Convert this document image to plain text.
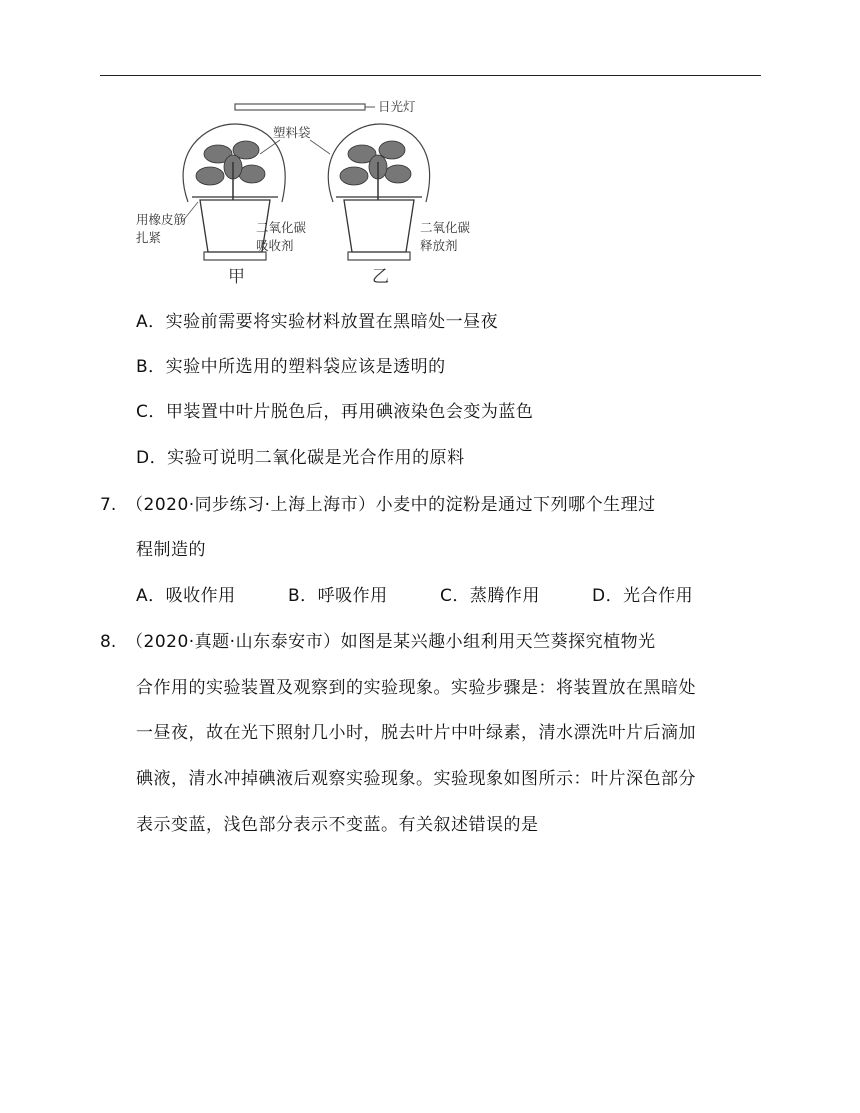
日光灯
塑料袋
用橡皮筋
扎紧
二氧化碳
吸收剂
甲
二氧化碳
释放剂
乙
A．实验前需要将实验材料放置在黑暗处一昼夜
B．实验中所选用的塑料袋应该是透明的
C．甲装置中叶片脱色后，再用碘液染色会变为蓝色
D．实验可说明二氧化碳是光合作用的原料
7. （2020·同步练习·上海上海市）小麦中的淀粉是通过下列哪个生理过
程制造的
A．吸收作用	B．呼吸作用	C．蒸腾作用	D．光合作用
8. （2020·真题·山东泰安市）如图是某兴趣小组利用天竺葵探究植物光
合作用的实验装置及观察到的实验现象。实验步骤是：将装置放在黑暗处
一昼夜，故在光下照射几小时，脱去叶片中叶绿素，清水漂洗叶片后滴加
碘液，清水冲掉碘液后观察实验现象。实验现象如图所示：叶片深色部分
表示变蓝，浅色部分表示不变蓝。有关叙述错误的是
